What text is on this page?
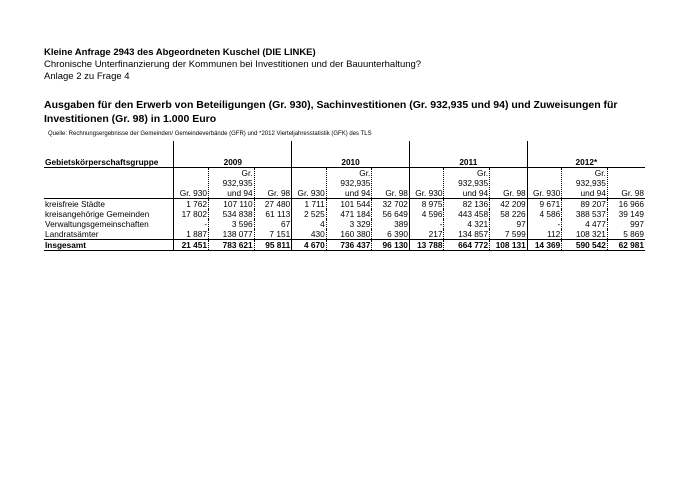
Kleine Anfrage 2943 des Abgeordneten Kuschel (DIE LINKE)
Chronische Unterfinanzierung der Kommunen bei Investitionen und der Bauunterhaltung?
Anlage 2 zu Frage 4
Ausgaben für den Erwerb von Beteiligungen (Gr. 930), Sachinvestitionen (Gr. 932,935 und 94) und Zuweisungen für Investitionen (Gr. 98) in 1.000 Euro
Quelle: Rechnungsergebnisse der Gemeinden/ Gemeindeverbände (GFR) und *2012 Vierteljahresstatistik (GFK) des TLS
Gebietskörperschaftsgruppe	2009			2010			2011			2012*		
	Gr. 930	Gr. 932,935 und 94	Gr. 98	Gr. 930	Gr. 932,935 und 94	Gr. 98	Gr. 930	Gr. 932,935 und 94	Gr. 98	Gr. 930	Gr. 932,935 und 94	Gr. 98
kreisfreie Städte	1 762	107 110	27 480	1 711	101 544	32 702	8 975	82 136	42 209	9 671	89 207	16 966
kreisangehörige Gemeinden	17 802	534 838	61 113	2 525	471 184	56 649	4 596	443 458	58 226	4 586	388 537	39 149
Verwaltungsgemeinschaften	-	3 596	67	4	3 329	389	-	4 321	97	-	4 477	997
Landratsämter	1 887	138 077	7 151	430	160 380	6 390	217	134 857	7 599	112	108 321	5 869
Insgesamt	21 451	783 621	95 811	4 670	736 437	96 130	13 788	664 772	108 131	14 369	590 542	62 981
